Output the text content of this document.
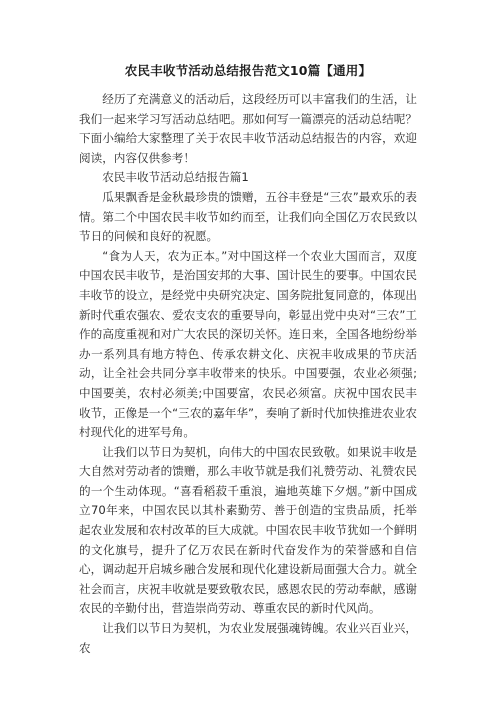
农民丰收节活动总结报告范文10篇【通用】

经历了充满意义的活动后，这段经历可以丰富我们的生活，让我们一起来学习写活动总结吧。那如何写一篇漂亮的活动总结呢？下面小编给大家整理了关于农民丰收节活动总结报告的内容，欢迎阅读，内容仅供参考！

农民丰收节活动总结报告篇1

瓜果飘香是金秋最珍贵的馈赠，五谷丰登是“三农”最欢乐的表情。第二个中国农民丰收节如约而至，让我们向全国亿万农民致以节日的问候和良好的祝愿。

“食为人天，农为正本。”对中国这样一个农业大国而言，双度中国农民丰收节，是治国安邦的大事、国计民生的要事。中国农民丰收节的设立，是经党中央研究决定、国务院批复同意的，体现出新时代重农强农、爱农支农的重要导向，彰显出党中央对“三农”工作的高度重视和对广大农民的深切关怀。连日来，全国各地纷纷举办一系列具有地方特色、传承农耕文化、庆祝丰收成果的节庆活动，让全社会共同分享丰收带来的快乐。中国要强，农业必须强;中国要美，农村必须美;中国要富，农民必须富。庆祝中国农民丰收节，正像是一个“三农的嘉年华”，奏响了新时代加快推进农业农村现代化的进军号角。

让我们以节日为契机，向伟大的中国农民致敬。如果说丰收是大自然对劳动者的馈赠，那么丰收节就是我们礼赞劳动、礼赞农民的一个生动体现。“喜看稻菽千重浪，遍地英雄下夕烟。”新中国成立70年来，中国农民以其朴素勤劳、善于创造的宝贵品质，托举起农业发展和农村改革的巨大成就。中国农民丰收节犹如一个鲜明的文化旗号，提升了亿万农民在新时代奋发作为的荣誉感和自信心，调动起开启城乡融合发展和现代化建设新局面强大合力。就全社会而言，庆祝丰收就是要致敬农民，感恩农民的劳动奉献，感谢农民的辛勤付出，营造崇尚劳动、尊重农民的新时代风尚。

让我们以节日为契机，为农业发展强魂铸魄。农业兴百业兴，农
